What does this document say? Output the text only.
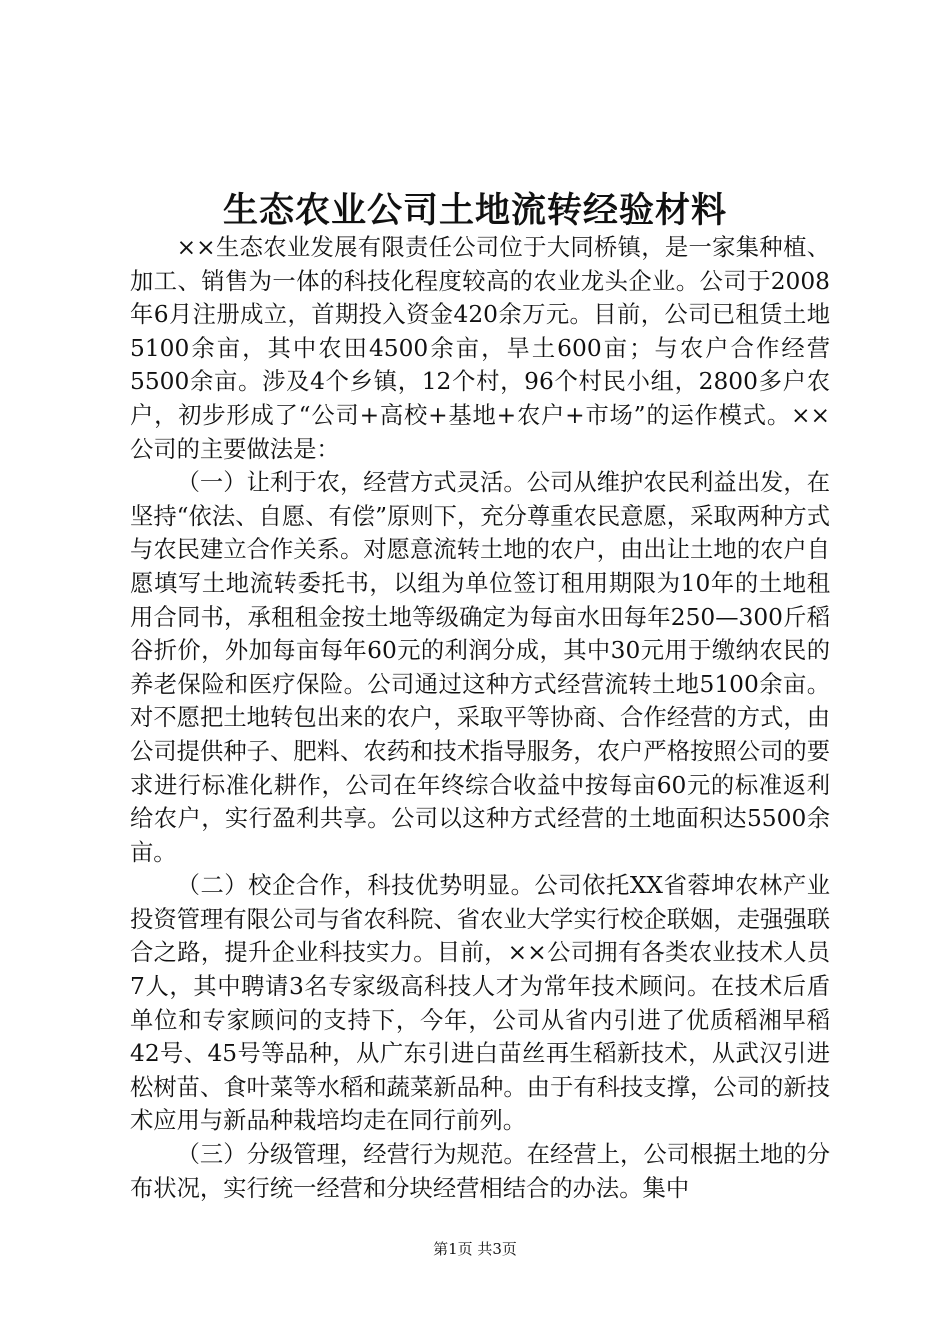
生态农业公司土地流转经验材料

××生态农业发展有限责任公司位于大同桥镇，是一家集种植、加工、销售为一体的科技化程度较高的农业龙头企业。公司于2008年6月注册成立，首期投入资金420余万元。目前，公司已租赁土地5100余亩，其中农田4500余亩，旱土600亩；与农户合作经营5500余亩。涉及4个乡镇，12个村，96个村民小组，2800多户农户，初步形成了“公司+高校+基地+农户+市场”的运作模式。××公司的主要做法是：

（一）让利于农，经营方式灵活。公司从维护农民利益出发，在坚持“依法、自愿、有偿”原则下，充分尊重农民意愿，采取两种方式与农民建立合作关系。对愿意流转土地的农户，由出让土地的农户自愿填写土地流转委托书，以组为单位签订租用期限为10年的土地租用合同书，承租租金按土地等级确定为每亩水田每年250—300斤稻谷折价，外加每亩每年60元的利润分成，其中30元用于缴纳农民的养老保险和医疗保险。公司通过这种方式经营流转土地5100余亩。对不愿把土地转包出来的农户，采取平等协商、合作经营的方式，由公司提供种子、肥料、农药和技术指导服务，农户严格按照公司的要求进行标准化耕作，公司在年终综合收益中按每亩60元的标准返利给农户，实行盈利共享。公司以这种方式经营的土地面积达5500余亩。

（二）校企合作，科技优势明显。公司依托XX省蓉坤农林产业投资管理有限公司与省农科院、省农业大学实行校企联姻，走强强联合之路，提升企业科技实力。目前，××公司拥有各类农业技术人员7人，其中聘请3名专家级高科技人才为常年技术顾问。在技术后盾单位和专家顾问的支持下，今年，公司从省内引进了优质稻湘早稻42号、45号等品种，从广东引进白苗丝再生稻新技术，从武汉引进松树苗、食叶菜等水稻和蔬菜新品种。由于有科技支撑，公司的新技术应用与新品种栽培均走在同行前列。

（三）分级管理，经营行为规范。在经营上，公司根据土地的分布状况，实行统一经营和分块经营相结合的办法。集中

第1页 共3页
